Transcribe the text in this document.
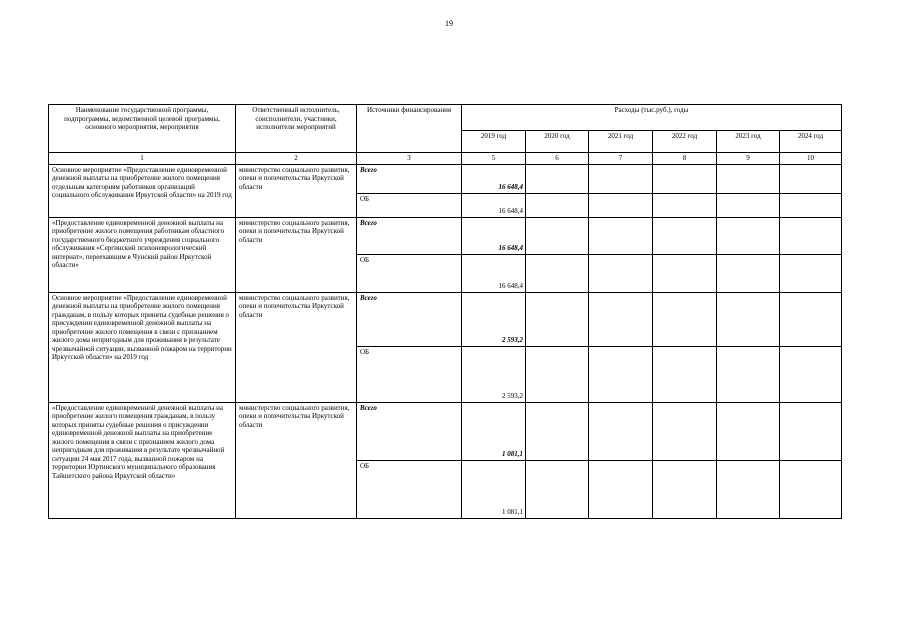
19
Наименование государственной программы, подпрограммы, ведомственной целевой программы, основного мероприятия, мероприятия	Ответственный исполнитель, соисполнители, участники, исполнители мероприятий	Источники финансирования	Расходы (тыс.руб.), годы					
			2019 год	2020 год	2021 год	2022 год	2023 год	2024 год
1	2	3	5	6	7	8	9	10
Основное мероприятие «Предоставление единовременной денежной выплаты на приобретение жилого помещения отдельным категориям работников организаций социального обслуживания Иркутской области» на 2019 год	министерство социального развития, опеки и попечительства Иркутской области	Всего	16 648,4					

		ОБ	16 648,4					

«Предоставление единовременной денежной выплаты на приобретение жилого помещения работникам областного государственного бюджетного учреждения социального обслуживания «Сергинский психоневрологический интернат», переехавшим в Чунский район Иркутской области»	министерство социального развития, опеки и попечительства Иркутской области	Всего	16 648,4					

		ОБ	16 648,4					

Основное мероприятие «Предоставление единовременной денежной выплаты на приобретение жилого помещения гражданам, в пользу которых приняты судебные решения о присуждении единовременной денежной выплаты на приобретение жилого помещения в связи с признанием жилого дома непригодным для проживания в результате чрезвычайной ситуации, вызванной пожаром на территории Иркутской области» на 2019 год	министерство социального развития, опеки и попечительства Иркутской области	Всего	2 593,2					

		ОБ	2 593,2					

«Предоставление единовременной денежной выплаты на приобретение жилого помещения гражданам, в пользу которых приняты судебные решения о присуждении единовременной денежной выплаты на приобретение жилого помещения в связи с признанием жилого дома непригодным для проживания в результате чрезвычайной ситуации 24 мая 2017 года, вызванной пожаром на территории Юртинского муниципального образования Тайшетского района Иркутской области»	министерство социального развития, опеки и попечительства Иркутской области	Всего	1 081,1					

		ОБ	1 081,1					
